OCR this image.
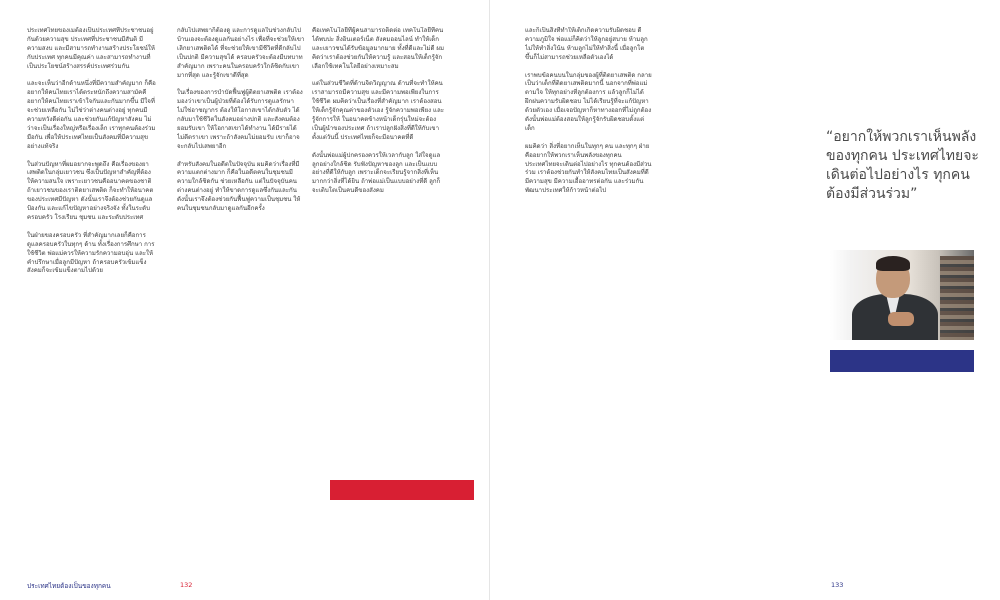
ประเทศไทยของเมต้องเป็นประเทศที่ประชาชนอยู่กันด้วยความสุข ประเทศที่ประชาชนมีสันติ มีความสงบ และมีสามารถทำงานสร้างประโยชน์ให้กับประเทศ ทุกคนมีคุณค่า และสามารถทำงานที่เป็นประโยชน์สร้างสรรค์ประเทศร่วมกัน

และจะเห็นว่าอีกด้านหนึ่งที่มีความสำคัญมาก ก็คือ อยากให้คนไทยเราได้ตระหนักถึงความสามัคคี อยากให้คนไทยเราเข้าใจกันและกันมากขึ้น มีใจที่จะช่วยเหลือกัน ไม่ใช่ว่าต่างคนต่างอยู่ ทุกคนมีความหวังดีต่อกัน และช่วยกันแก้ปัญหาสังคม ไม่ว่าจะเป็นเรื่องใหญ่หรือเรื่องเล็ก เราทุกคนต้องร่วมมือกัน เพื่อให้ประเทศไทยเป็นสังคมที่มีความสุขอย่างแท้จริง

ในส่วนปัญหาที่ผมอยากจะพูดถึง คือเรื่องของยาเสพติดในกลุ่มเยาวชน ซึ่งเป็นปัญหาสำคัญที่ต้องให้ความสนใจ เพราะเยาวชนคืออนาคตของชาติ ถ้าเยาวชนของเราติดยาเสพติด ก็จะทำให้อนาคตของประเทศมีปัญหา ดังนั้นเราจึงต้องช่วยกันดูแล ป้องกัน และแก้ไขปัญหาอย่างจริงจัง ทั้งในระดับครอบครัว โรงเรียน ชุมชน และระดับประเทศ

ในฝ่ายของครอบครัว ที่สำคัญมากเลยก็คือการดูแลครอบครัวในทุกๆ ด้าน ทั้งเรื่องการศึกษา การใช้ชีวิต พ่อแม่ควรให้ความรักความอบอุ่น และให้คำปรึกษาเมื่อลูกมีปัญหา ถ้าครอบครัวเข้มแข็ง สังคมก็จะเข้มแข็งตามไปด้วย

กลับไปเสพยาก็ต้องดู และการดูแลในช่วงกลับไปบ้านเองจะต้องดูแลกันอย่างไร เพื่อที่จะช่วยให้เขาเลิกยาเสพติดได้ ที่จะช่วยให้เขามีชีวิตที่ดีกลับไปเป็นปกติ มีความสุขได้ ครอบครัวจะต้องมีบทบาทสำคัญมาก เพราะคนในครอบครัวใกล้ชิดกับเขามากที่สุด และรู้จักเขาดีที่สุด

ในเรื่องของการบำบัดฟื้นฟูผู้ติดยาเสพติด เราต้องมองว่าเขาเป็นผู้ป่วยที่ต้องได้รับการดูแลรักษา ไม่ใช่อาชญากร ต้องให้โอกาสเขาได้กลับตัว ได้กลับมาใช้ชีวิตในสังคมอย่างปกติ และสังคมต้องยอมรับเขา ให้โอกาสเขาได้ทำงาน ได้มีรายได้ ไม่ตีตราเขา เพราะถ้าสังคมไม่ยอมรับ เขาก็อาจจะกลับไปเสพยาอีก

สำหรับสังคมในอดีตในปัจจุบัน ผมคิดว่าเรื่องที่มีความแตกต่างมาก ก็คือในอดีตคนในชุมชนมีความใกล้ชิดกัน ช่วยเหลือกัน แต่ในปัจจุบันคนต่างคนต่างอยู่ ทำให้ขาดการดูแลซึ่งกันและกัน ดังนั้นเราจึงต้องช่วยกันฟื้นฟูความเป็นชุมชน ให้คนในชุมชนกลับมาดูแลกันอีกครั้ง

คือเทคโนโลยีที่ผู้คนสามารถติดต่อ เทคโนโลยีที่คนได้พบปะ สิ่งอินเตอร์เน็ต สังคมออนไลน์ ทำให้เด็กและเยาวชนได้รับข้อมูลมากมาย ทั้งที่ดีและไม่ดี ผมคิดว่าเราต้องช่วยกันให้ความรู้ และสอนให้เด็กรู้จักเลือกใช้เทคโนโลยีอย่างเหมาะสม

แต่ในส่วนชีวิตที่ด้านจิตวิญญาณ ด้านที่จะทำให้คนเราสามารถมีความสุข และมีความพอเพียงในการใช้ชีวิต ผมคิดว่าเป็นเรื่องที่สำคัญมาก เราต้องสอนให้เด็กรู้จักคุณค่าของตัวเอง รู้จักความพอเพียง และรู้จักการให้ ในอนาคตข้างหน้าเด็กรุ่นใหม่จะต้องเป็นผู้นำของประเทศ ถ้าเราปลูกฝังสิ่งที่ดีให้กับเขาตั้งแต่วันนี้ ประเทศไทยก็จะมีอนาคตที่ดี

ดังนั้นพ่อแม่ผู้ปกครองควรให้เวลากับลูก ใส่ใจดูแลลูกอย่างใกล้ชิด รับฟังปัญหาของลูก และเป็นแบบอย่างที่ดีให้กับลูก เพราะเด็กจะเรียนรู้จากสิ่งที่เห็นมากกว่าสิ่งที่ได้ยิน ถ้าพ่อแม่เป็นแบบอย่างที่ดี ลูกก็จะเติบโตเป็นคนดีของสังคม

ประเทศไทยต้องเป็นของทุกคน	132

และก็เป็นสิ่งที่ทำให้เด็กเกิดความรับผิดชอบ ดีความภูมิใจ พ่อแม่ก็คิดว่าให้ลูกอยู่สบาย ห้ามลูกไม่ให้ทำสิ่งโน้น ห้ามลูกไม่ให้ทำสิ่งนี้ เมื่อลูกโตขึ้นก็ไม่สามารถช่วยเหลือตัวเองได้

เราพบข้อคนบนในกลุ่มของผู้ที่ติดยาเสพติด กลายเป็นว่าเด็กที่ติดยาเสพติดมากนี้ นอกจากที่พ่อแม่ตามใจ ให้ทุกอย่างที่ลูกต้องการ แล้วลูกก็ไม่ได้ฝึกฝนความรับผิดชอบ ไม่ได้เรียนรู้ที่จะแก้ปัญหาด้วยตัวเอง เมื่อเจอปัญหาก็หาทางออกที่ไม่ถูกต้อง ดังนั้นพ่อแม่ต้องสอนให้ลูกรู้จักรับผิดชอบตั้งแต่เด็ก

ผมคิดว่า สิ่งที่อยากเห็นในทุกๆ คน และทุกๆ ฝ่าย คืออยากให้พวกเราเห็นพลังของทุกคน ประเทศไทยจะเดินต่อไปอย่างไร ทุกคนต้องมีส่วนร่วม เราต้องช่วยกันทำให้สังคมไทยเป็นสังคมที่ดี มีความสุข มีความเอื้ออาทรต่อกัน และร่วมกันพัฒนาประเทศให้ก้าวหน้าต่อไป

“อยากให้พวกเราเห็นพลังของทุกคน ประเทศไทยจะเดินต่อไปอย่างไร ทุกคนต้องมีส่วนร่วม”
133
